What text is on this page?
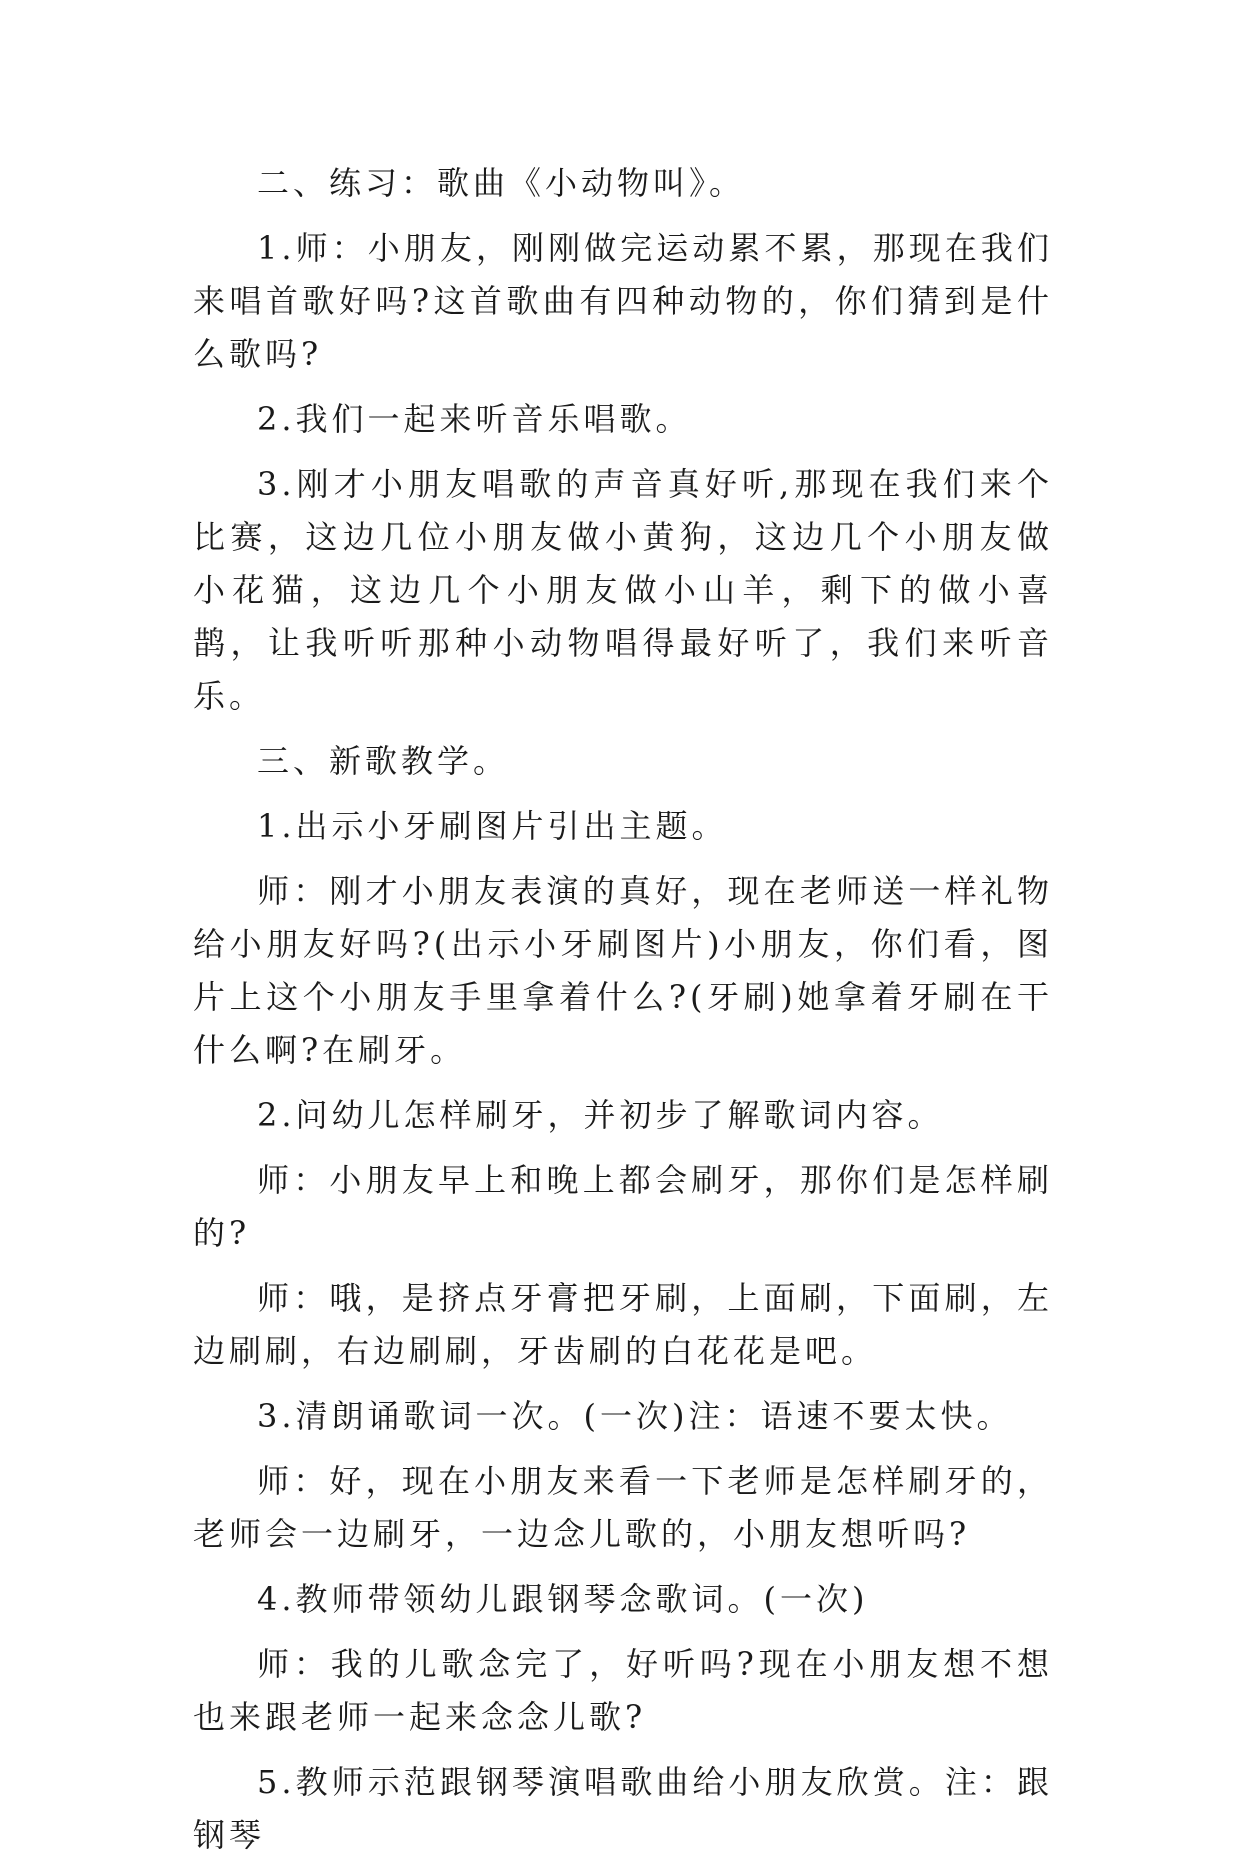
二、练习：歌曲《小动物叫》。

1.师：小朋友，刚刚做完运动累不累，那现在我们来唱首歌好吗?这首歌曲有四种动物的，你们猜到是什么歌吗?

2.我们一起来听音乐唱歌。

3.刚才小朋友唱歌的声音真好听,那现在我们来个比赛，这边几位小朋友做小黄狗，这边几个小朋友做小花猫，这边几个小朋友做小山羊，剩下的做小喜鹊，让我听听那种小动物唱得最好听了，我们来听音乐。

三、新歌教学。

1.出示小牙刷图片引出主题。

师：刚才小朋友表演的真好，现在老师送一样礼物给小朋友好吗?(出示小牙刷图片)小朋友，你们看，图片上这个小朋友手里拿着什么?(牙刷)她拿着牙刷在干什么啊?在刷牙。

2.问幼儿怎样刷牙，并初步了解歌词内容。

师：小朋友早上和晚上都会刷牙，那你们是怎样刷的?

师：哦，是挤点牙膏把牙刷，上面刷，下面刷，左边刷刷，右边刷刷，牙齿刷的白花花是吧。

3.清朗诵歌词一次。(一次)注：语速不要太快。

师：好，现在小朋友来看一下老师是怎样刷牙的，老师会一边刷牙，一边念儿歌的，小朋友想听吗?

4.教师带领幼儿跟钢琴念歌词。(一次)

师：我的儿歌念完了，好听吗?现在小朋友想不想也来跟老师一起来念念儿歌?

5.教师示范跟钢琴演唱歌曲给小朋友欣赏。注：跟钢琴
